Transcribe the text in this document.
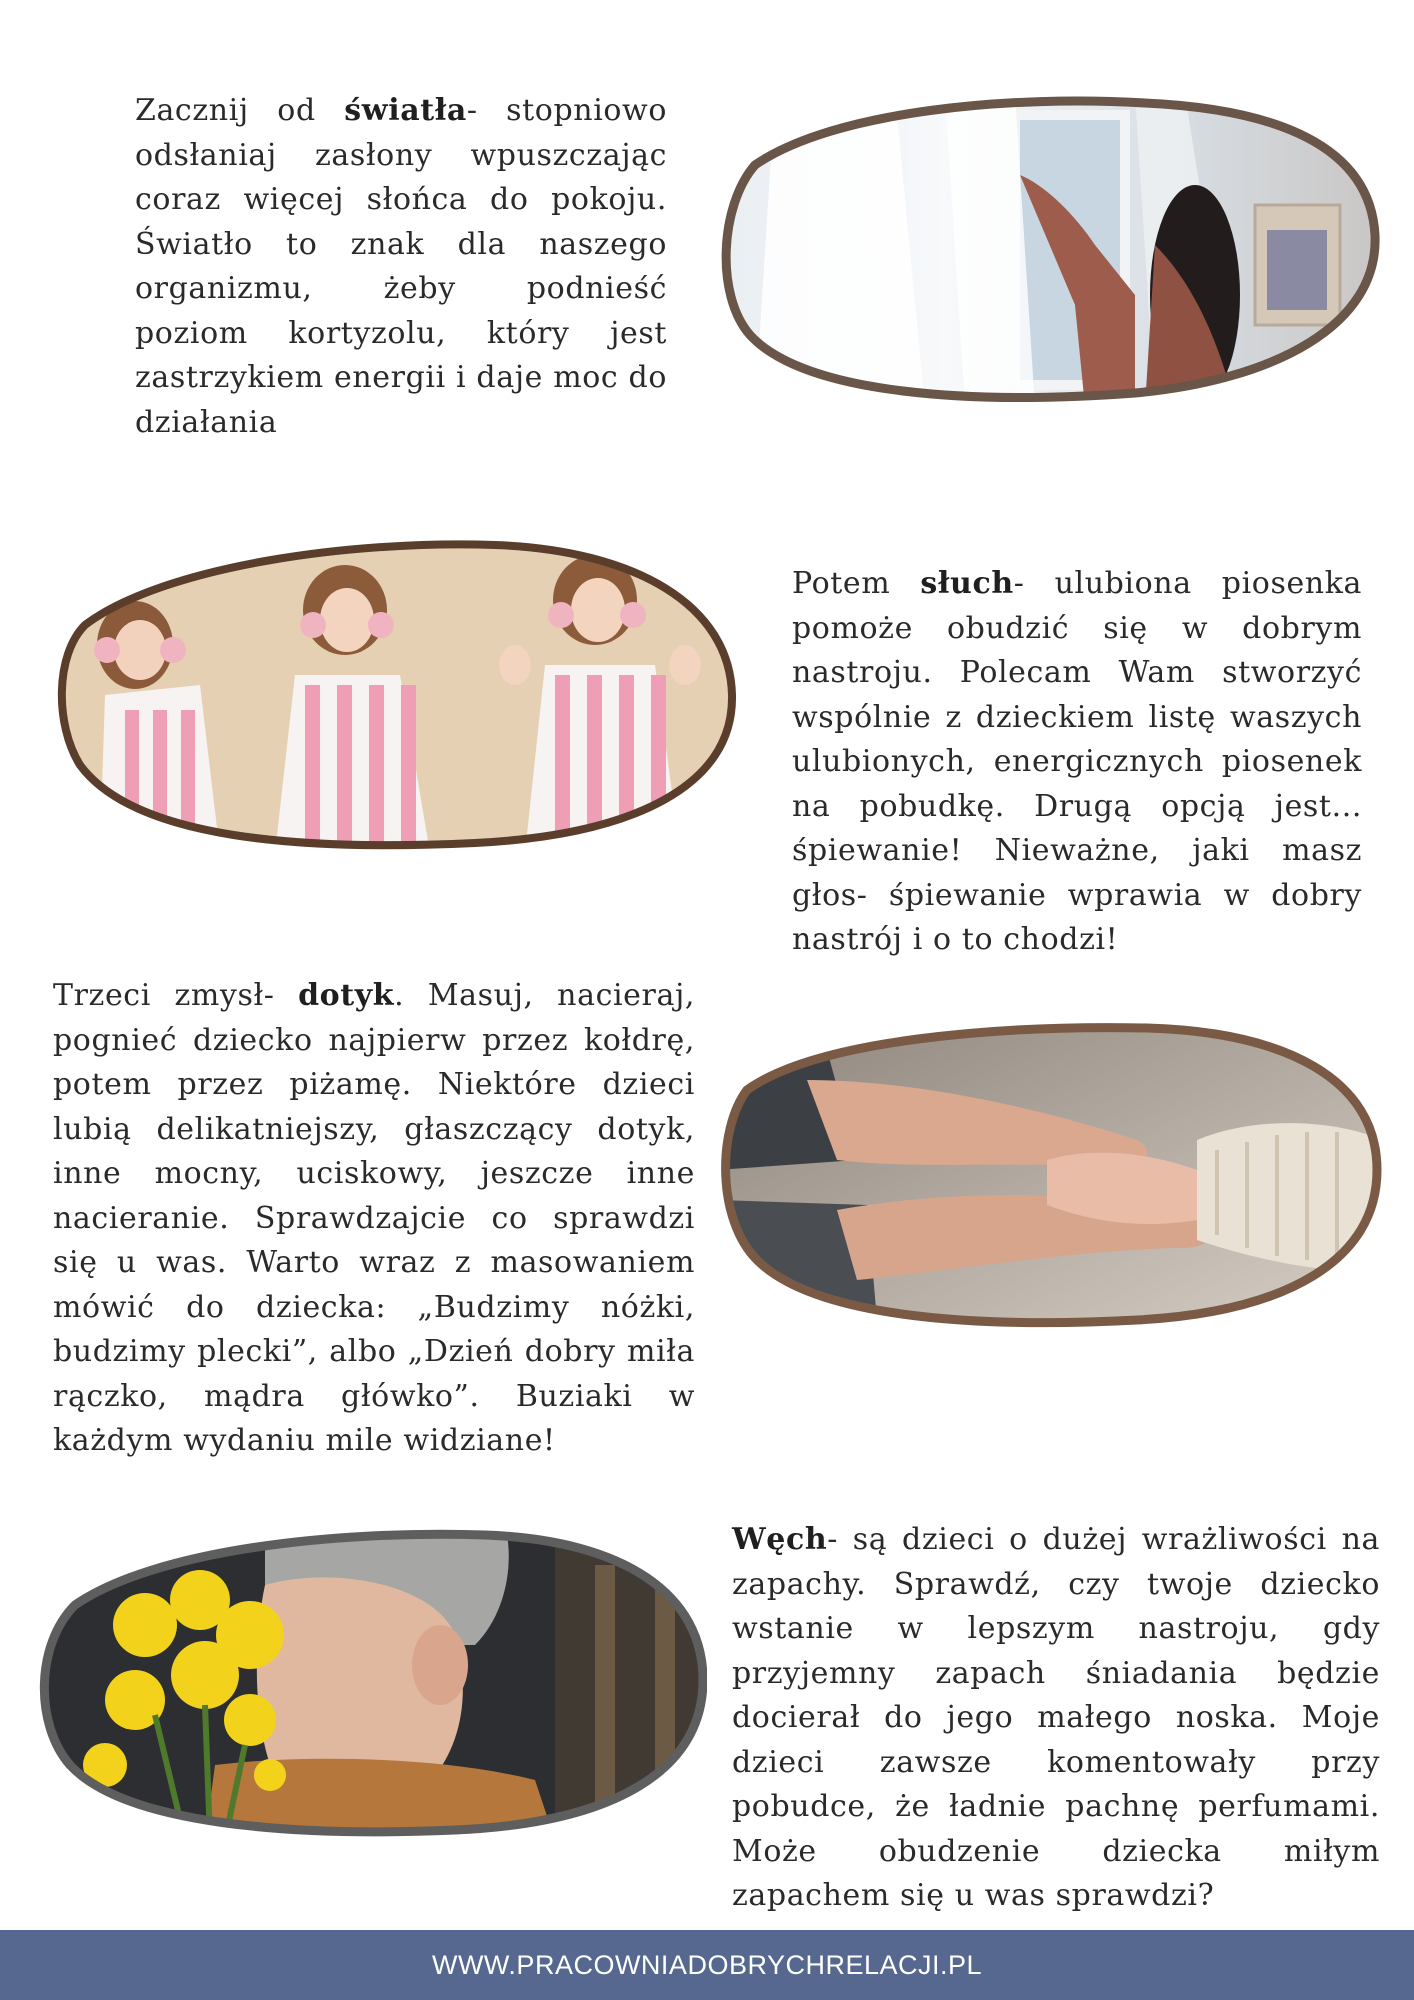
Zacznij od światła- stopniowo odsłaniaj zasłony wpuszczając coraz więcej słońca do pokoju. Światło to znak dla naszego organizmu, żeby podnieść poziom kortyzolu, który jest zastrzykiem energii i daje moc do działania

Potem słuch- ulubiona piosenka pomoże obudzić się w dobrym nastroju. Polecam Wam stworzyć wspólnie z dzieckiem listę waszych ulubionych, energicznych piosenek na pobudkę. Drugą opcją jest... śpiewanie! Nieważne, jaki masz głos- śpiewanie wprawia w dobry nastrój i o to chodzi!

Trzeci zmysł- dotyk. Masuj, nacieraj, pognieć dziecko najpierw przez kołdrę, potem przez piżamę. Niektóre dzieci lubią delikatniejszy, głaszczący dotyk, inne mocny, uciskowy, jeszcze inne nacieranie. Sprawdzajcie co sprawdzi się u was. Warto wraz z masowaniem mówić do dziecka: „Budzimy nóżki, budzimy plecki”, albo „Dzień dobry miła rączko, mądra główko”. Buziaki w każdym wydaniu mile widziane!

Węch- są dzieci o dużej wrażliwości na zapachy. Sprawdź, czy twoje dziecko wstanie w lepszym nastroju, gdy przyjemny zapach śniadania będzie docierał do jego małego noska. Moje dzieci zawsze komentowały przy pobudce, że ładnie pachnę perfumami. Może obudzenie dziecka miłym zapachem się u was sprawdzi?

WWW.PRACOWNIADOBRYCHRELACJI.PL
